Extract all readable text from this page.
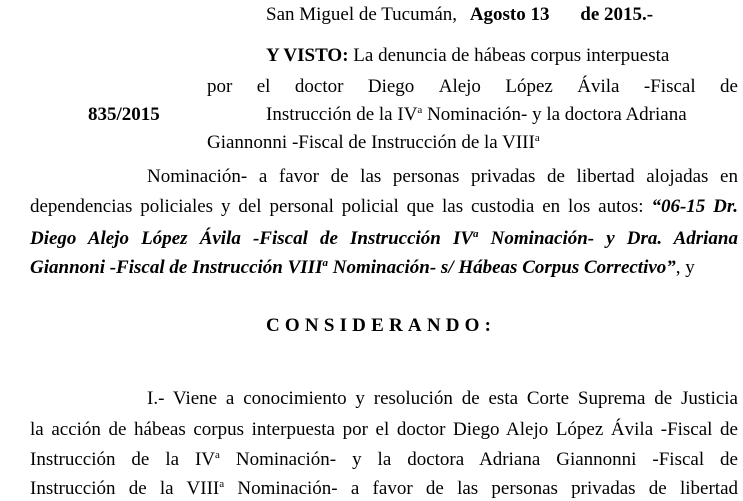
San Miguel de Tucumán, Agosto 13 de 2015.-
Y VISTO: La denuncia de hábeas corpus interpuesta
por el doctor Diego Alejo López Ávila -Fiscal de
835/2015	Instrucción de la $IV^a$ Nominación- y la doctora Adriana
Giannonni -Fiscal de Instrucción de la VIII$^a$
Nominación- a favor de las personas privadas de libertad alojadas en
dependencias policiales y del personal policial que las custodia en los autos: “06-15 Dr.
Diego Alejo López Ávila -Fiscal de Instrucción $IV^a$ Nominación- y Dra. Adriana
Giannoni -Fiscal de Instrucción VIII$^a$ Nominación- s/ Hábeas Corpus Correctivo”, y
CONSIDERANDO:
I.- Viene a conocimiento y resolución de esta Corte Suprema de Justicia
la acción de hábeas corpus interpuesta por el doctor Diego Alejo López Ávila -Fiscal de
Instrucción de la $IV^a$ Nominación- y la doctora Adriana Giannonni -Fiscal de
Instrucción de la VIII$^a$ Nominación- a favor de las personas privadas de libertad
